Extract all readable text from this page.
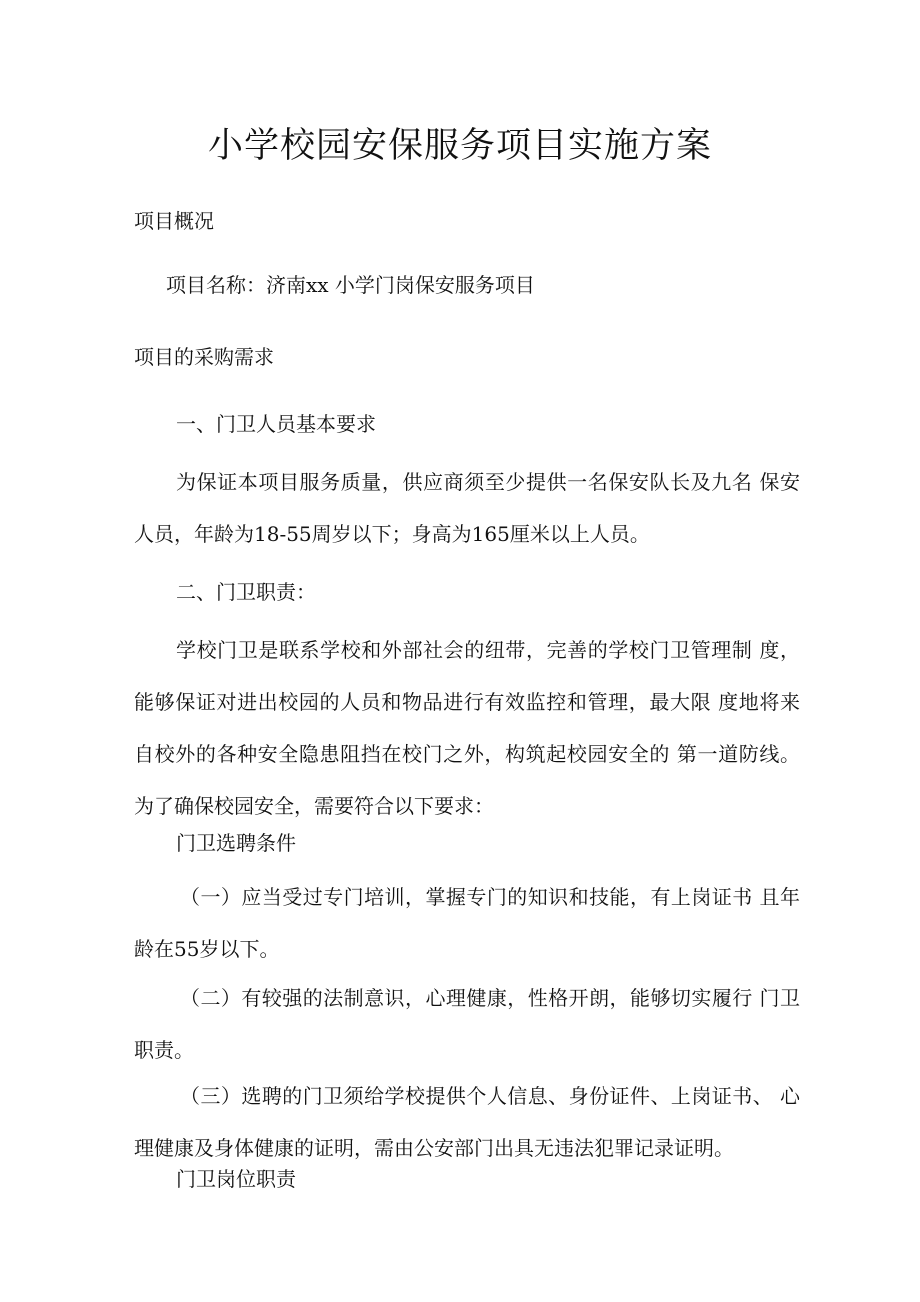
小学校园安保服务项目实施方案

项目概况

项目名称：济南xx 小学门岗保安服务项目

项目的采购需求

一、门卫人员基本要求

为保证本项目服务质量，供应商须至少提供一名保安队长及九名 保安人员，年龄为18-55周岁以下；身高为165厘米以上人员。

二、门卫职责：

学校门卫是联系学校和外部社会的纽带，完善的学校门卫管理制 度，能够保证对进出校园的人员和物品进行有效监控和管理，最大限 度地将来自校外的各种安全隐患阻挡在校门之外，构筑起校园安全的 第一道防线。为了确保校园安全，需要符合以下要求：

门卫选聘条件

（一）应当受过专门培训，掌握专门的知识和技能，有上岗证书 且年龄在55岁以下。

（二）有较强的法制意识，心理健康，性格开朗，能够切实履行 门卫职责。

（三）选聘的门卫须给学校提供个人信息、身份证件、上岗证书、 心理健康及身体健康的证明，需由公安部门出具无违法犯罪记录证明。

门卫岗位职责
